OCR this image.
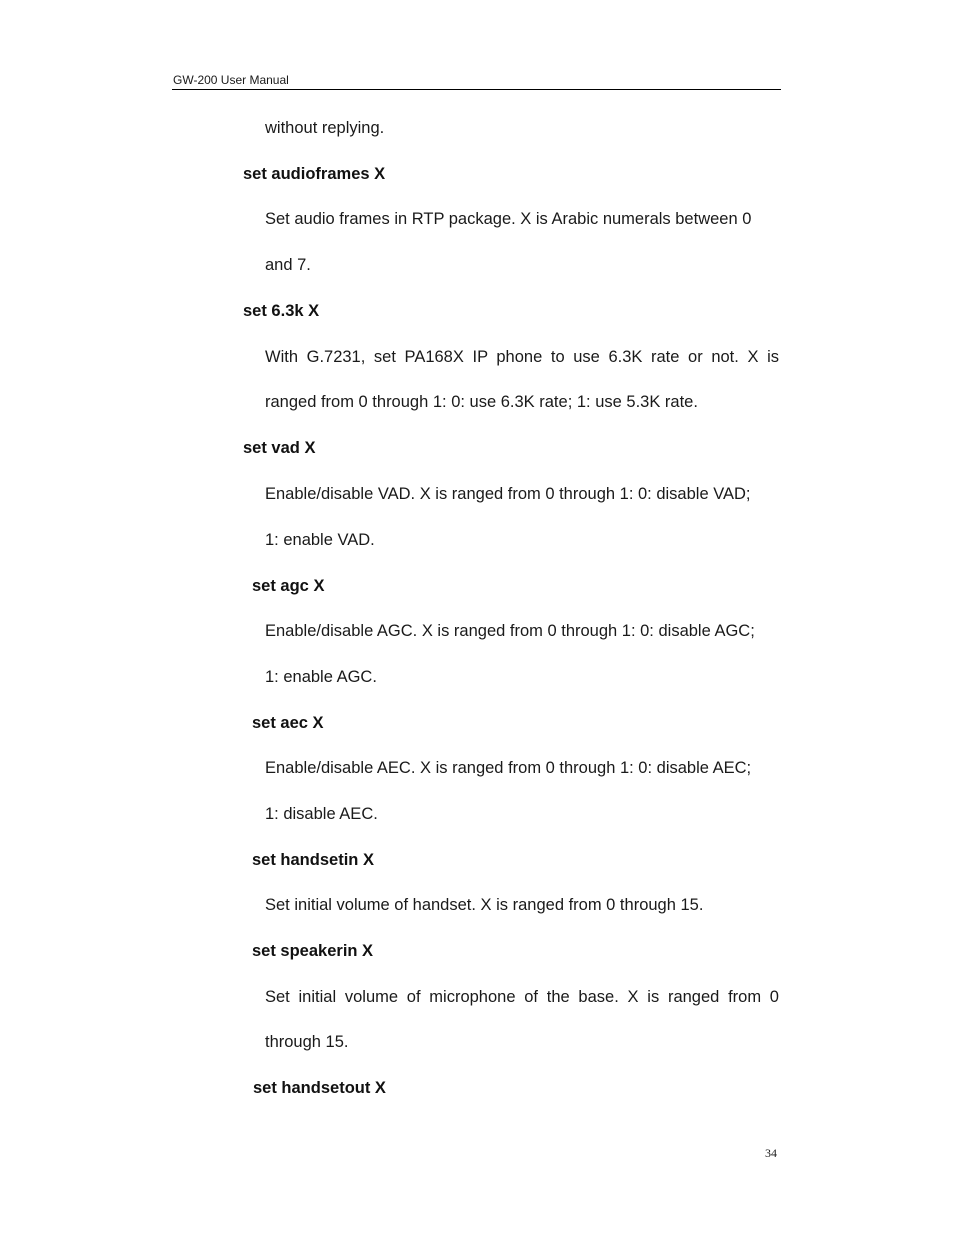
GW-200 User Manual
without replying.
set audioframes X
Set audio frames in RTP package. X is Arabic numerals between 0
and 7.
set 6.3k X
With G.7231, set PA168X IP phone to use 6.3K rate or not. X is
ranged from 0 through 1: 0: use 6.3K rate; 1: use 5.3K rate.
set vad X
Enable/disable VAD. X is ranged from 0 through 1: 0: disable VAD;
1: enable VAD.
set agc X
Enable/disable AGC. X is ranged from 0 through 1: 0: disable AGC;
1: enable AGC.
set aec X
Enable/disable AEC. X is ranged from 0 through 1: 0: disable AEC;
1: disable AEC.
set handsetin X
Set initial volume of handset. X is ranged from 0 through 15.
set speakerin X
Set initial volume of microphone of the base. X is ranged from 0
through 15.
set handsetout X
34
